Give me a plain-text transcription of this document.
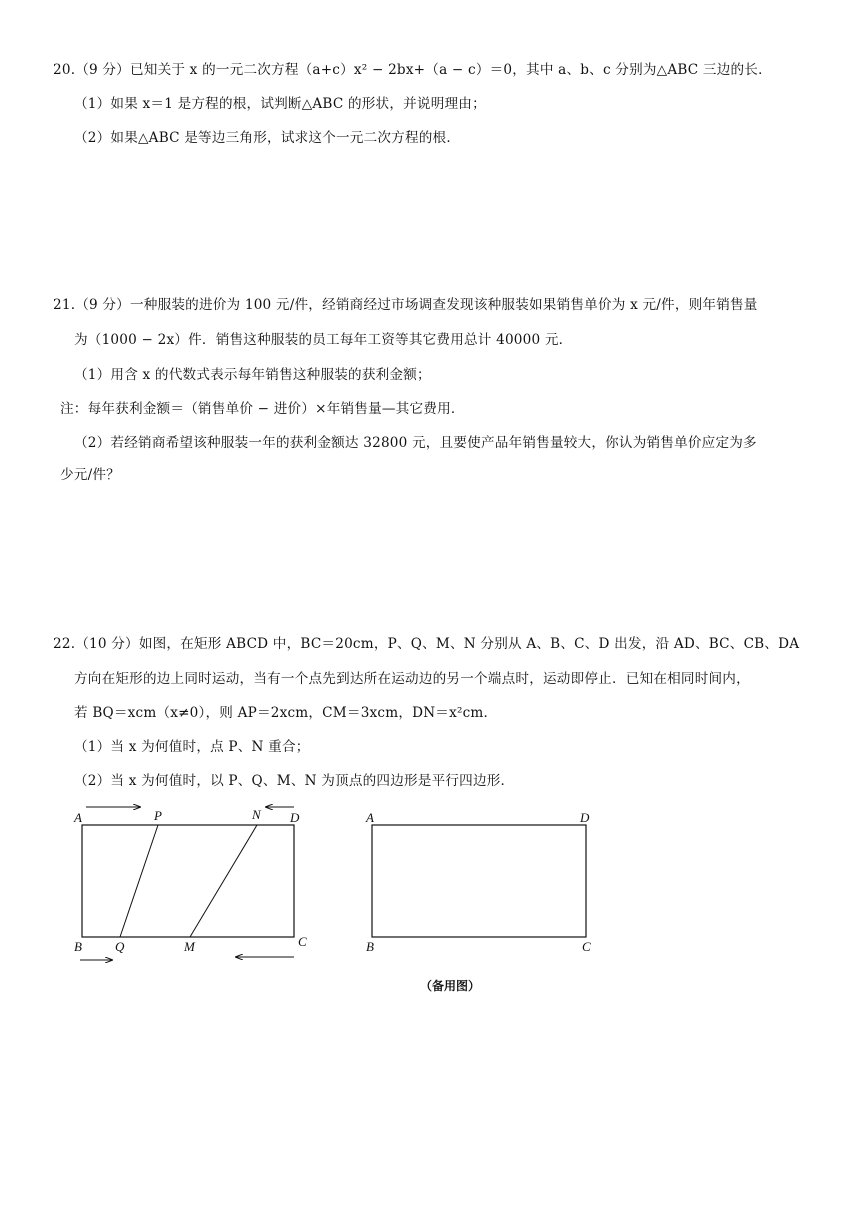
20.（9 分）已知关于 x 的一元二次方程（a+c）x² − 2bx+（a − c）＝0，其中 a、b、c 分别为△ABC 三边的长．
（1）如果 x＝1 是方程的根，试判断△ABC 的形状，并说明理由；
（2）如果△ABC 是等边三角形，试求这个一元二次方程的根．
21.（9 分）一种服装的进价为 100 元/件，经销商经过市场调查发现该种服装如果销售单价为 x 元/件，则年销售量
为（1000 − 2x）件．销售这种服装的员工每年工资等其它费用总计 40000 元．
（1）用含 x 的代数式表示每年销售这种服装的获利金额；
注：每年获利金额＝（销售单价 − 进价）×年销售量—其它费用．
（2）若经销商希望该种服装一年的获利金额达 32800 元，且要使产品年销售量较大，你认为销售单价应定为多
少元/件？
22.（10 分）如图，在矩形 ABCD 中，BC＝20cm，P、Q、M、N 分别从 A、B、C、D 出发，沿 AD、BC、CB、DA
方向在矩形的边上同时运动，当有一个点先到达所在运动边的另一个端点时，运动即停止．已知在相同时间内，
若 BQ＝xcm（x≠0），则 AP＝2xcm，CM＝3xcm，DN＝x²cm．
（1）当 x 为何值时，点 P、N 重合；
（2）当 x 为何值时，以 P、Q、M、N 为顶点的四边形是平行四边形．
A	P	N D
B	Q	M	C
A	D
B	C
（备用图）
